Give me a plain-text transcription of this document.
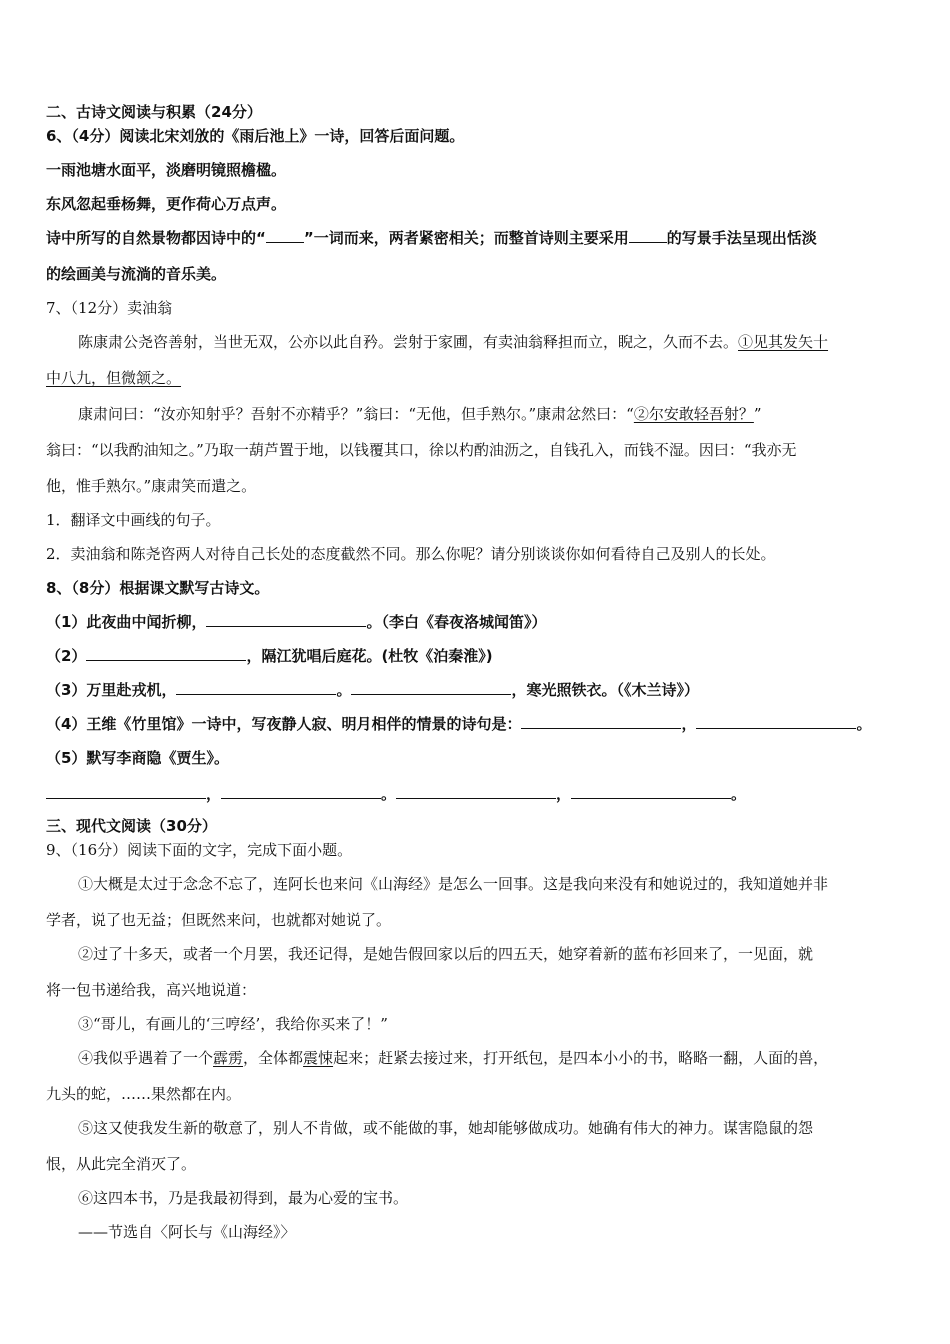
二、古诗文阅读与积累（24分）
6、（4分）阅读北宋刘攽的《雨后池上》一诗，回答后面问题。
一雨池塘水面平，淡磨明镜照檐楹。
东风忽起垂杨舞，更作荷心万点声。
诗中所写的自然景物都因诗中的“	”一词而来，两者紧密相关；而整首诗则主要采用	的写景手法呈现出恬淡
的绘画美与流淌的音乐美。
7、（12分）卖油翁
陈康肃公尧咨善射，当世无双，公亦以此自矜。尝射于家圃，有卖油翁释担而立，睨之，久而不去。①见其发矢十
中八九，但微颔之。
康肃问曰：“汝亦知射乎？吾射不亦精乎？”翁曰：“无他，但手熟尔。”康肃忿然曰：“②尔安敢轻吾射？”
翁曰：“以我酌油知之。”乃取一葫芦置于地，以钱覆其口，徐以杓酌油沥之，自钱孔入，而钱不湿。因曰：“我亦无
他，惟手熟尔。”康肃笑而遣之。
1．翻译文中画线的句子。
2．卖油翁和陈尧咨两人对待自己长处的态度截然不同。那么你呢？请分别谈谈你如何看待自己及别人的长处。
8、（8分）根据课文默写古诗文。
（1）此夜曲中闻折柳，	。（李白《春夜洛城闻笛》）
（2）	，隔江犹唱后庭花。(杜牧《泊秦淮》)
（3）万里赴戎机，	。	，寒光照铁衣。（《木兰诗》）
（4）王维《竹里馆》一诗中，写夜静人寂、明月相伴的情景的诗句是：	，	。
（5）默写李商隐《贾生》。
，	。	，	。
三、现代文阅读（30分）
9、（16分）阅读下面的文字，完成下面小题。
①大概是太过于念念不忘了，连阿长也来问《山海经》是怎么一回事。这是我向来没有和她说过的，我知道她并非
学者，说了也无益；但既然来问，也就都对她说了。
②过了十多天，或者一个月罢，我还记得，是她告假回家以后的四五天，她穿着新的蓝布衫回来了，一见面，就
将一包书递给我，高兴地说道：
③“哥儿，有画儿的‘三哼经’，我给你买来了！”
④我似乎遇着了一个霹雳，全体都震悚起来；赶紧去接过来，打开纸包，是四本小小的书，略略一翻，人面的兽，
九头的蛇，……果然都在内。
⑤这又使我发生新的敬意了，别人不肯做，或不能做的事，她却能够做成功。她确有伟大的神力。谋害隐鼠的怨
恨，从此完全消灭了。
⑥这四本书，乃是我最初得到，最为心爱的宝书。
——节选自〈阿长与《山海经》〉
